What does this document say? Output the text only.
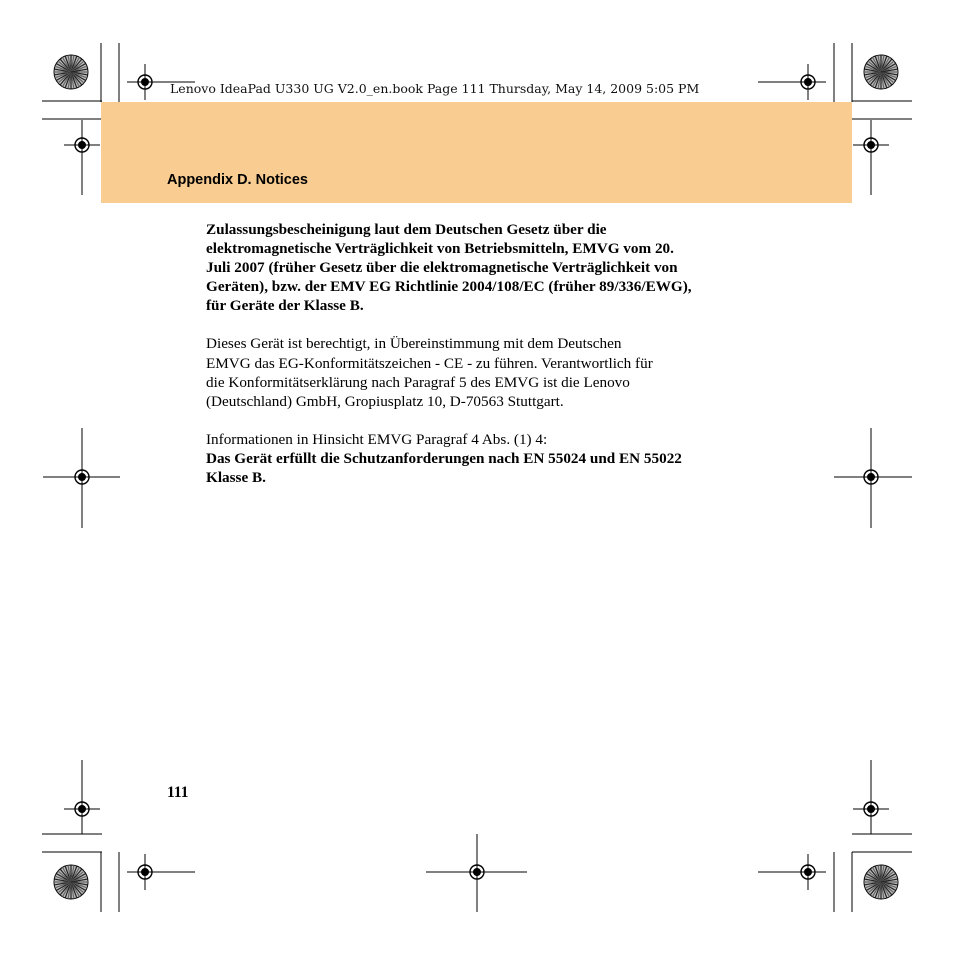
Lenovo IdeaPad U330 UG V2.0_en.book Page 111 Thursday, May 14, 2009 5:05 PM
Appendix D. Notices

Zulassungsbescheinigung laut dem Deutschen Gesetz über die
elektromagnetische Verträglichkeit von Betriebsmitteln, EMVG vom 20.
Juli 2007 (früher Gesetz über die elektromagnetische Verträglichkeit von
Geräten), bzw. der EMV EG Richtlinie 2004/108/EC (früher 89/336/EWG),
für Geräte der Klasse B.

Dieses Gerät ist berechtigt, in Übereinstimmung mit dem Deutschen
EMVG das EG-Konformitätszeichen - CE - zu führen. Verantwortlich für
die Konformitätserklärung nach Paragraf 5 des EMVG ist die Lenovo
(Deutschland) GmbH, Gropiusplatz 10, D-70563 Stuttgart.

Informationen in Hinsicht EMVG Paragraf 4 Abs. (1) 4:

Das Gerät erfüllt die Schutzanforderungen nach EN 55024 und EN 55022
Klasse B.

111
